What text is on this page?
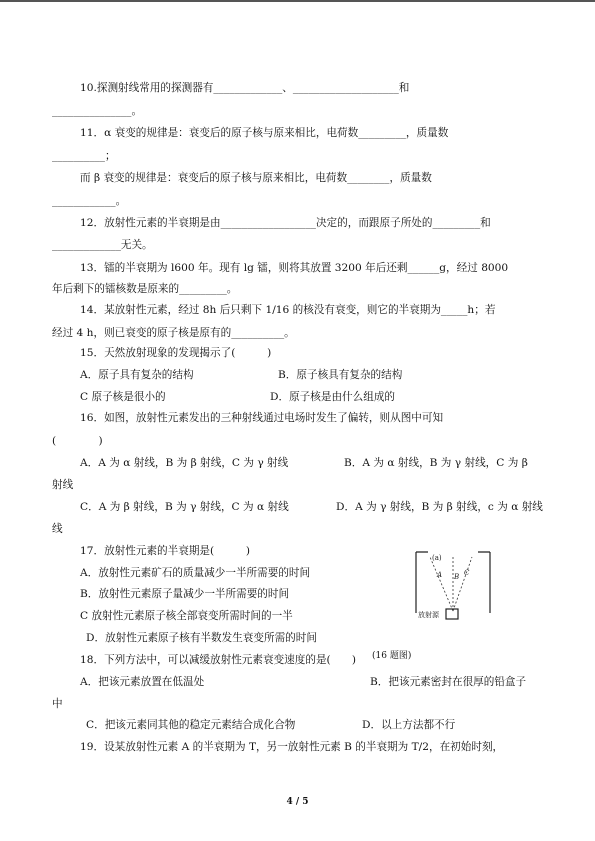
10.探测射线常用的探测器有_____________、____________________和
_______________。
11．α 衰变的规律是：衰变后的原子核与原来相比，电荷数_________，质量数
__________；
而 β 衰变的规律是：衰变后的原子核与原来相比，电荷数________，质量数
____________。
12．放射性元素的半衰期是由__________________决定的，而跟原子所处的_________和
_____________无关。
13．镭的半衰期为 l600 年。现有 lg 镭，则将其放置 3200 年后还剩______g，经过 8000
年后剩下的镭核数是原来的_________。
14．某放射性元素，经过 8h 后只剩下 1/16 的核没有衰变，则它的半衰期为_____h；若
经过 4 h，则已衰变的原子核是原有的__________。
15．天然放射现象的发现揭示了(　　　)
A．原子具有复杂的结构	B．原子核具有复杂的结构
C 原子核是很小的	D．原子核是由什么组成的
16．如图，放射性元素发出的三种射线通过电场时发生了偏转，则从图中可知
(　　　　)
A．A 为 α 射线，B 为 β 射线，C 为 γ 射线	B．A 为 α 射线，B 为 γ 射线，C 为 β
射线
C．A 为 β 射线，B 为 γ 射线，C 为 α 射线	D．A 为 γ 射线，B 为 β 射线，c 为 α 射线
线
17．放射性元素的半衰期是(　　　)
A．放射性元素矿石的质量减少一半所需要的时间
B．放射性元素原子量减少一半所需要的时间
C 放射性元素原子核全部衰变所需时间的一半
D．放射性元素原子核有半数发生衰变所需的时间
(a)
A B C
放射源
(16 题图)
18．下列方法中，可以减缓放射性元素衰变速度的是(　　)
A．把该元素放置在低温处	B．把该元素密封在很厚的铅盒子
中
C．把该元素同其他的稳定元素结合成化合物	D．以上方法都不行
19．设某放射性元素 A 的半衰期为 T，另一放射性元素 B 的半衰期为 T/2，在初始时刻，
4 / 5
